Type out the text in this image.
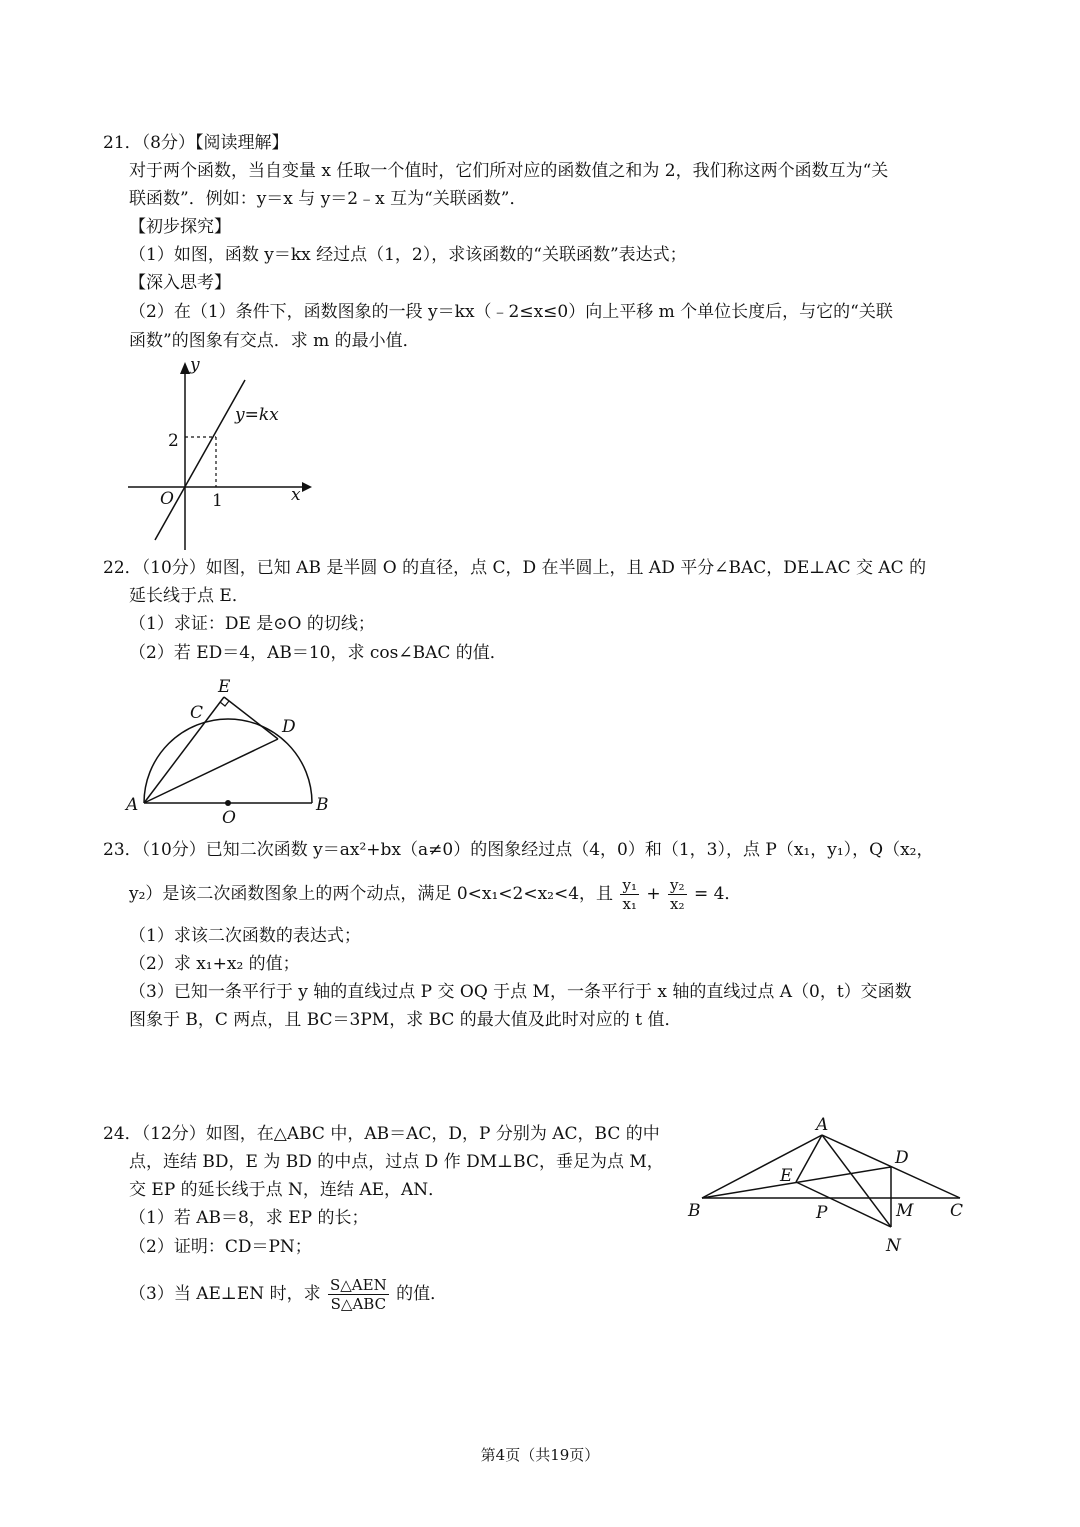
21．（8分）【阅读理解】
对于两个函数，当自变量 x 任取一个值时，它们所对应的函数值之和为 2，我们称这两个函数互为“关
联函数”．例如：y＝x 与 y＝2﹣x 互为“关联函数”．
【初步探究】
（1）如图，函数 y＝kx 经过点（1，2），求该函数的“关联函数”表达式；
【深入思考】
（2）在（1）条件下，函数图象的一段 y＝kx（﹣2≤x≤0）向上平移 m 个单位长度后，与它的“关联
函数”的图象有交点．求 m 的最小值．
y
x
O
2
1
y=kx
22．（10分）如图，已知 AB 是半圆 O 的直径，点 C，D 在半圆上，且 AD 平分∠BAC，DE⊥AC 交 AC 的
延长线于点 E．
（1）求证：DE 是⊙O 的切线；
（2）若 ED＝4，AB＝10，求 cos∠BAC 的值．
E
C
D
A	B
O
23．（10分）已知二次函数 y＝ax²+bx（a≠0）的图象经过点（4，0）和（1，3），点 P（x₁，y₁），Q（x₂，
y₂）是该二次函数图象上的两个动点，满足 0<x₁<2<x₂<4，且 $\frac{\text{y₁}}{\text{x₁}} + \frac{\text{y₂}}{\text{x₂}} = 4$．
（1）求该二次函数的表达式；
（2）求 x₁+x₂ 的值；
（3）已知一条平行于 y 轴的直线过点 P 交 OQ 于点 M，一条平行于 x 轴的直线过点 A（0，t）交函数
图象于 B，C 两点，且 BC＝3PM，求 BC 的最大值及此时对应的 t 值．
24．（12分）如图，在△ABC 中，AB＝AC，D，P 分别为 AC，BC 的中
点，连结 BD，E 为 BD 的中点，过点 D 作 DM⊥BC，垂足为点 M，
交 EP 的延长线于点 N，连结 AE，AN．
（1）若 AB＝8，求 EP 的长；
（2）证明：CD＝PN；
（3）当 AE⊥EN 时，求 $\frac{\text{S△AEN}}{\text{S△ABC}}$ 的值．
A
B	C
D
E
P	M
N
第4页（共19页）
